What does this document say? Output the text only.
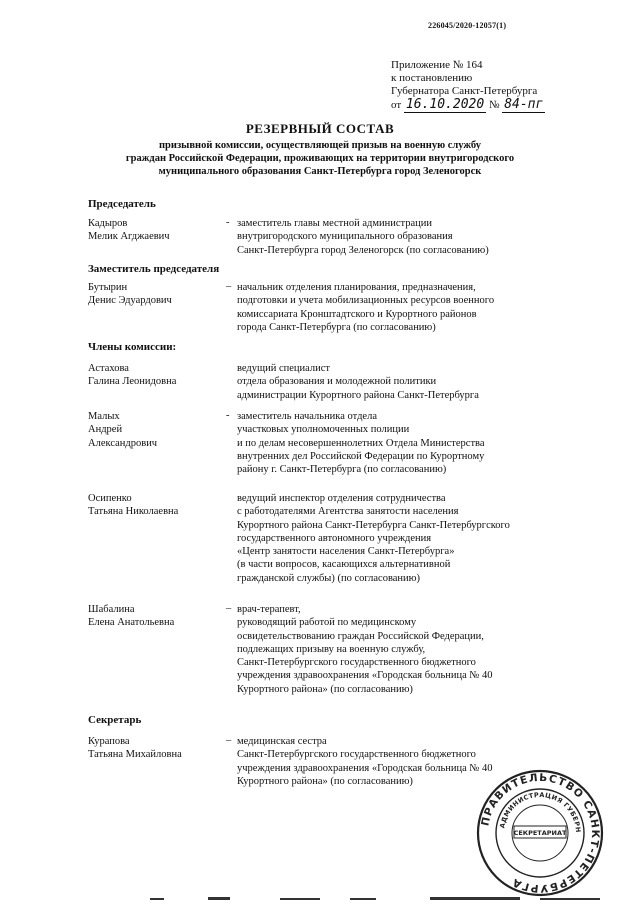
226045/2020-12057(1)
Приложение № 164
к постановлению
Губернатора Санкт-Петербурга
от 16.10.2020 № 84-пг
РЕЗЕРВНЫЙ СОСТАВ
призывной комиссии, осуществляющей призыв на военную службу
граждан Российской Федерации, проживающих на территории внутригородского
муниципального образования Санкт-Петербурга город Зеленогорск
Председатель
Заместитель председателя
Члены комиссии:
Секретарь
Кадыров
Мелик Агджаевич
- заместитель главы местной администрации
внутригородского муниципального образования
Санкт-Петербурга город Зеленогорск (по согласованию)
Бутырин
Денис Эдуардович
– начальник отделения планирования, предназначения,
подготовки и учета мобилизационных ресурсов военного
комиссариата Кронштадтского и Курортного районов
города Санкт-Петербурга (по согласованию)
Астахова
Галина Леонидовна
ведущий специалист
отдела образования и молодежной политики
администрации Курортного района Санкт-Петербурга
Малых
Андрей
Александрович
- заместитель начальника отдела
участковых уполномоченных полиции
и по делам несовершеннолетних Отдела Министерства
внутренних дел Российской Федерации по Курортному
району г. Санкт-Петербурга (по согласованию)
Осипенко
Татьяна Николаевна
ведущий инспектор отделения сотрудничества
с работодателями Агентства занятости населения
Курортного района Санкт-Петербурга Санкт-Петербургского
государственного автономного учреждения
«Центр занятости населения Санкт-Петербурга»
(в части вопросов, касающихся альтернативной
гражданской службы) (по согласованию)
Шабалина
Елена Анатольевна
– врач-терапевт,
руководящий работой по медицинскому
освидетельствованию граждан Российской Федерации,
подлежащих призыву на военную службу,
Санкт-Петербургского государственного бюджетного
учреждения здравоохранения «Городская больница № 40
Курортного района» (по согласованию)
Курапова
Татьяна Михайловна
– медицинская сестра
Санкт-Петербургского государственного бюджетного
учреждения здравоохранения «Городская больница № 40
Курортного района» (по согласованию)
ПРАВИТЕЛЬСТВО САНКТ-ПЕТЕРБУРГА
АДМИНИСТРАЦИЯ ГУБЕРН
СЕКРЕТАРИАТ
